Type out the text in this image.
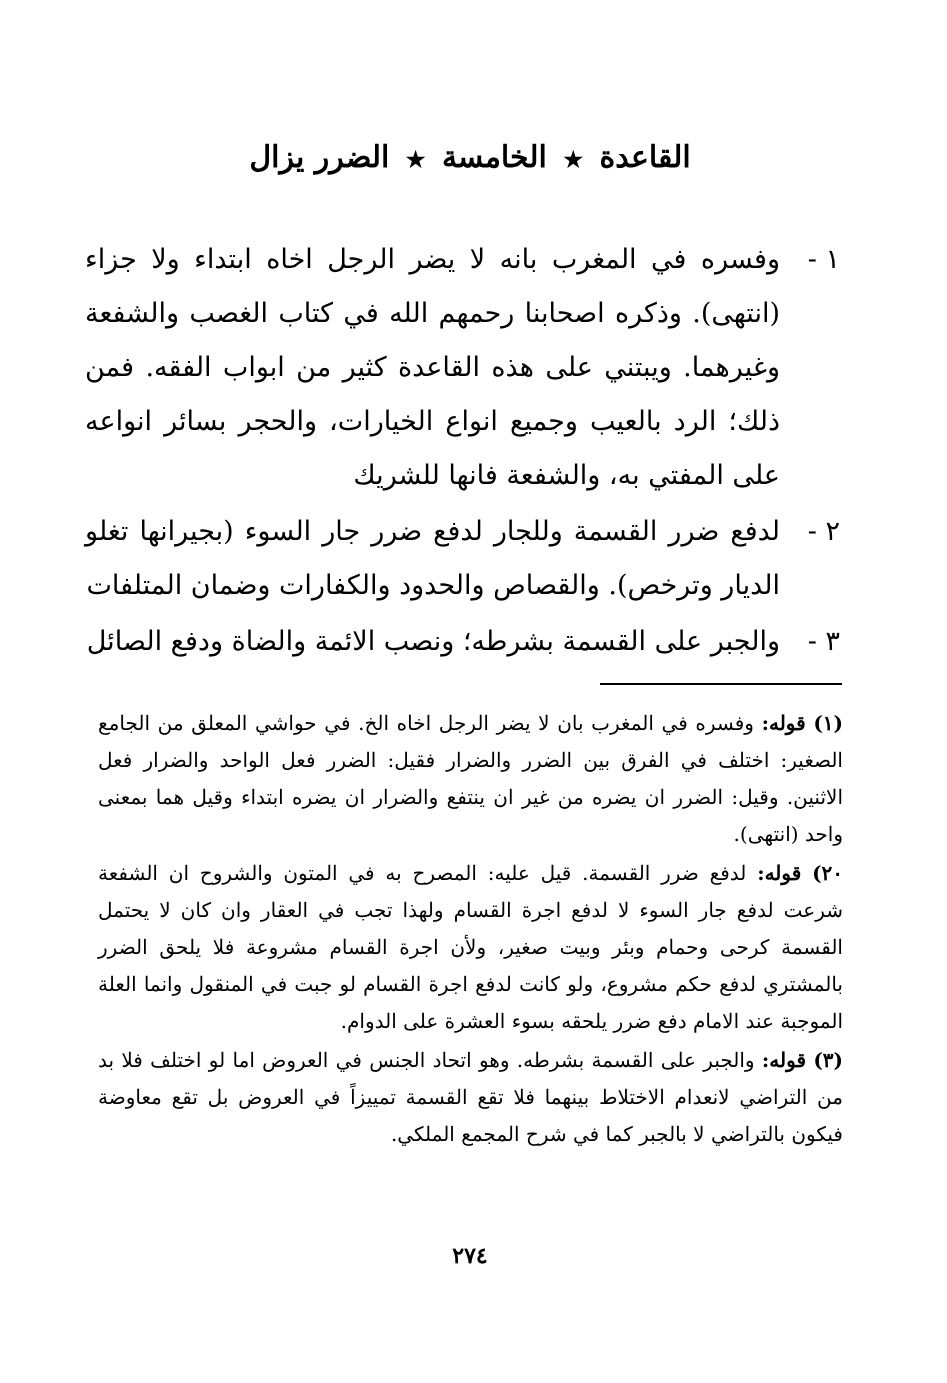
القاعدة ★ الخامسة ★ الضرر يزال
١ -
وفسره في المغرب بانه لا يضر الرجل اخاه ابتداء ولا جزاء (انتهى). وذكره اصحابنا رحمهم الله في كتاب الغصب والشفعة وغيرهما. ويبتني على هذه القاعدة كثير من ابواب الفقه. فمن ذلك؛ الرد بالعيب وجميع انواع الخيارات، والحجر بسائر انواعه على المفتي به، والشفعة فانها للشريك
٢ -
لدفع ضرر القسمة وللجار لدفع ضرر جار السوء (بجيرانها تغلو الديار وترخص). والقصاص والحدود والكفارات وضمان المتلفات
٣ -
والجبر على القسمة بشرطه؛ ونصب الائمة والضاة ودفع الصائل
(١) قوله: وفسره في المغرب بان لا يضر الرجل اخاه الخ. في حواشي المعلق من الجامع الصغير: اختلف في الفرق بين الضرر والضرار فقيل: الضرر فعل الواحد والضرار فعل الاثنين. وقيل: الضرر ان يضره من غير ان ينتفع والضرار ان يضره ابتداء وقيل هما بمعنى واحد (انتهى).
٢٠) قوله: لدفع ضرر القسمة. قيل عليه: المصرح به في المتون والشروح ان الشفعة شرعت لدفع جار السوء لا لدفع اجرة القسام ولهذا تجب في العقار وان كان لا يحتمل القسمة كرحى وحمام وبئر وبيت صغير، ولأن اجرة القسام مشروعة فلا يلحق الضرر بالمشتري لدفع حكم مشروع، ولو كانت لدفع اجرة القسام لو جبت في المنقول وانما العلة الموجبة عند الامام دفع ضرر يلحقه بسوء العشرة على الدوام.
(٣) قوله: والجبر على القسمة بشرطه. وهو اتحاد الجنس في العروض اما لو اختلف فلا بد من التراضي لانعدام الاختلاط بينهما فلا تقع القسمة تمييزاً في العروض بل تقع معاوضة فيكون بالتراضي لا بالجبر كما في شرح المجمع الملكي.
٢٧٤
